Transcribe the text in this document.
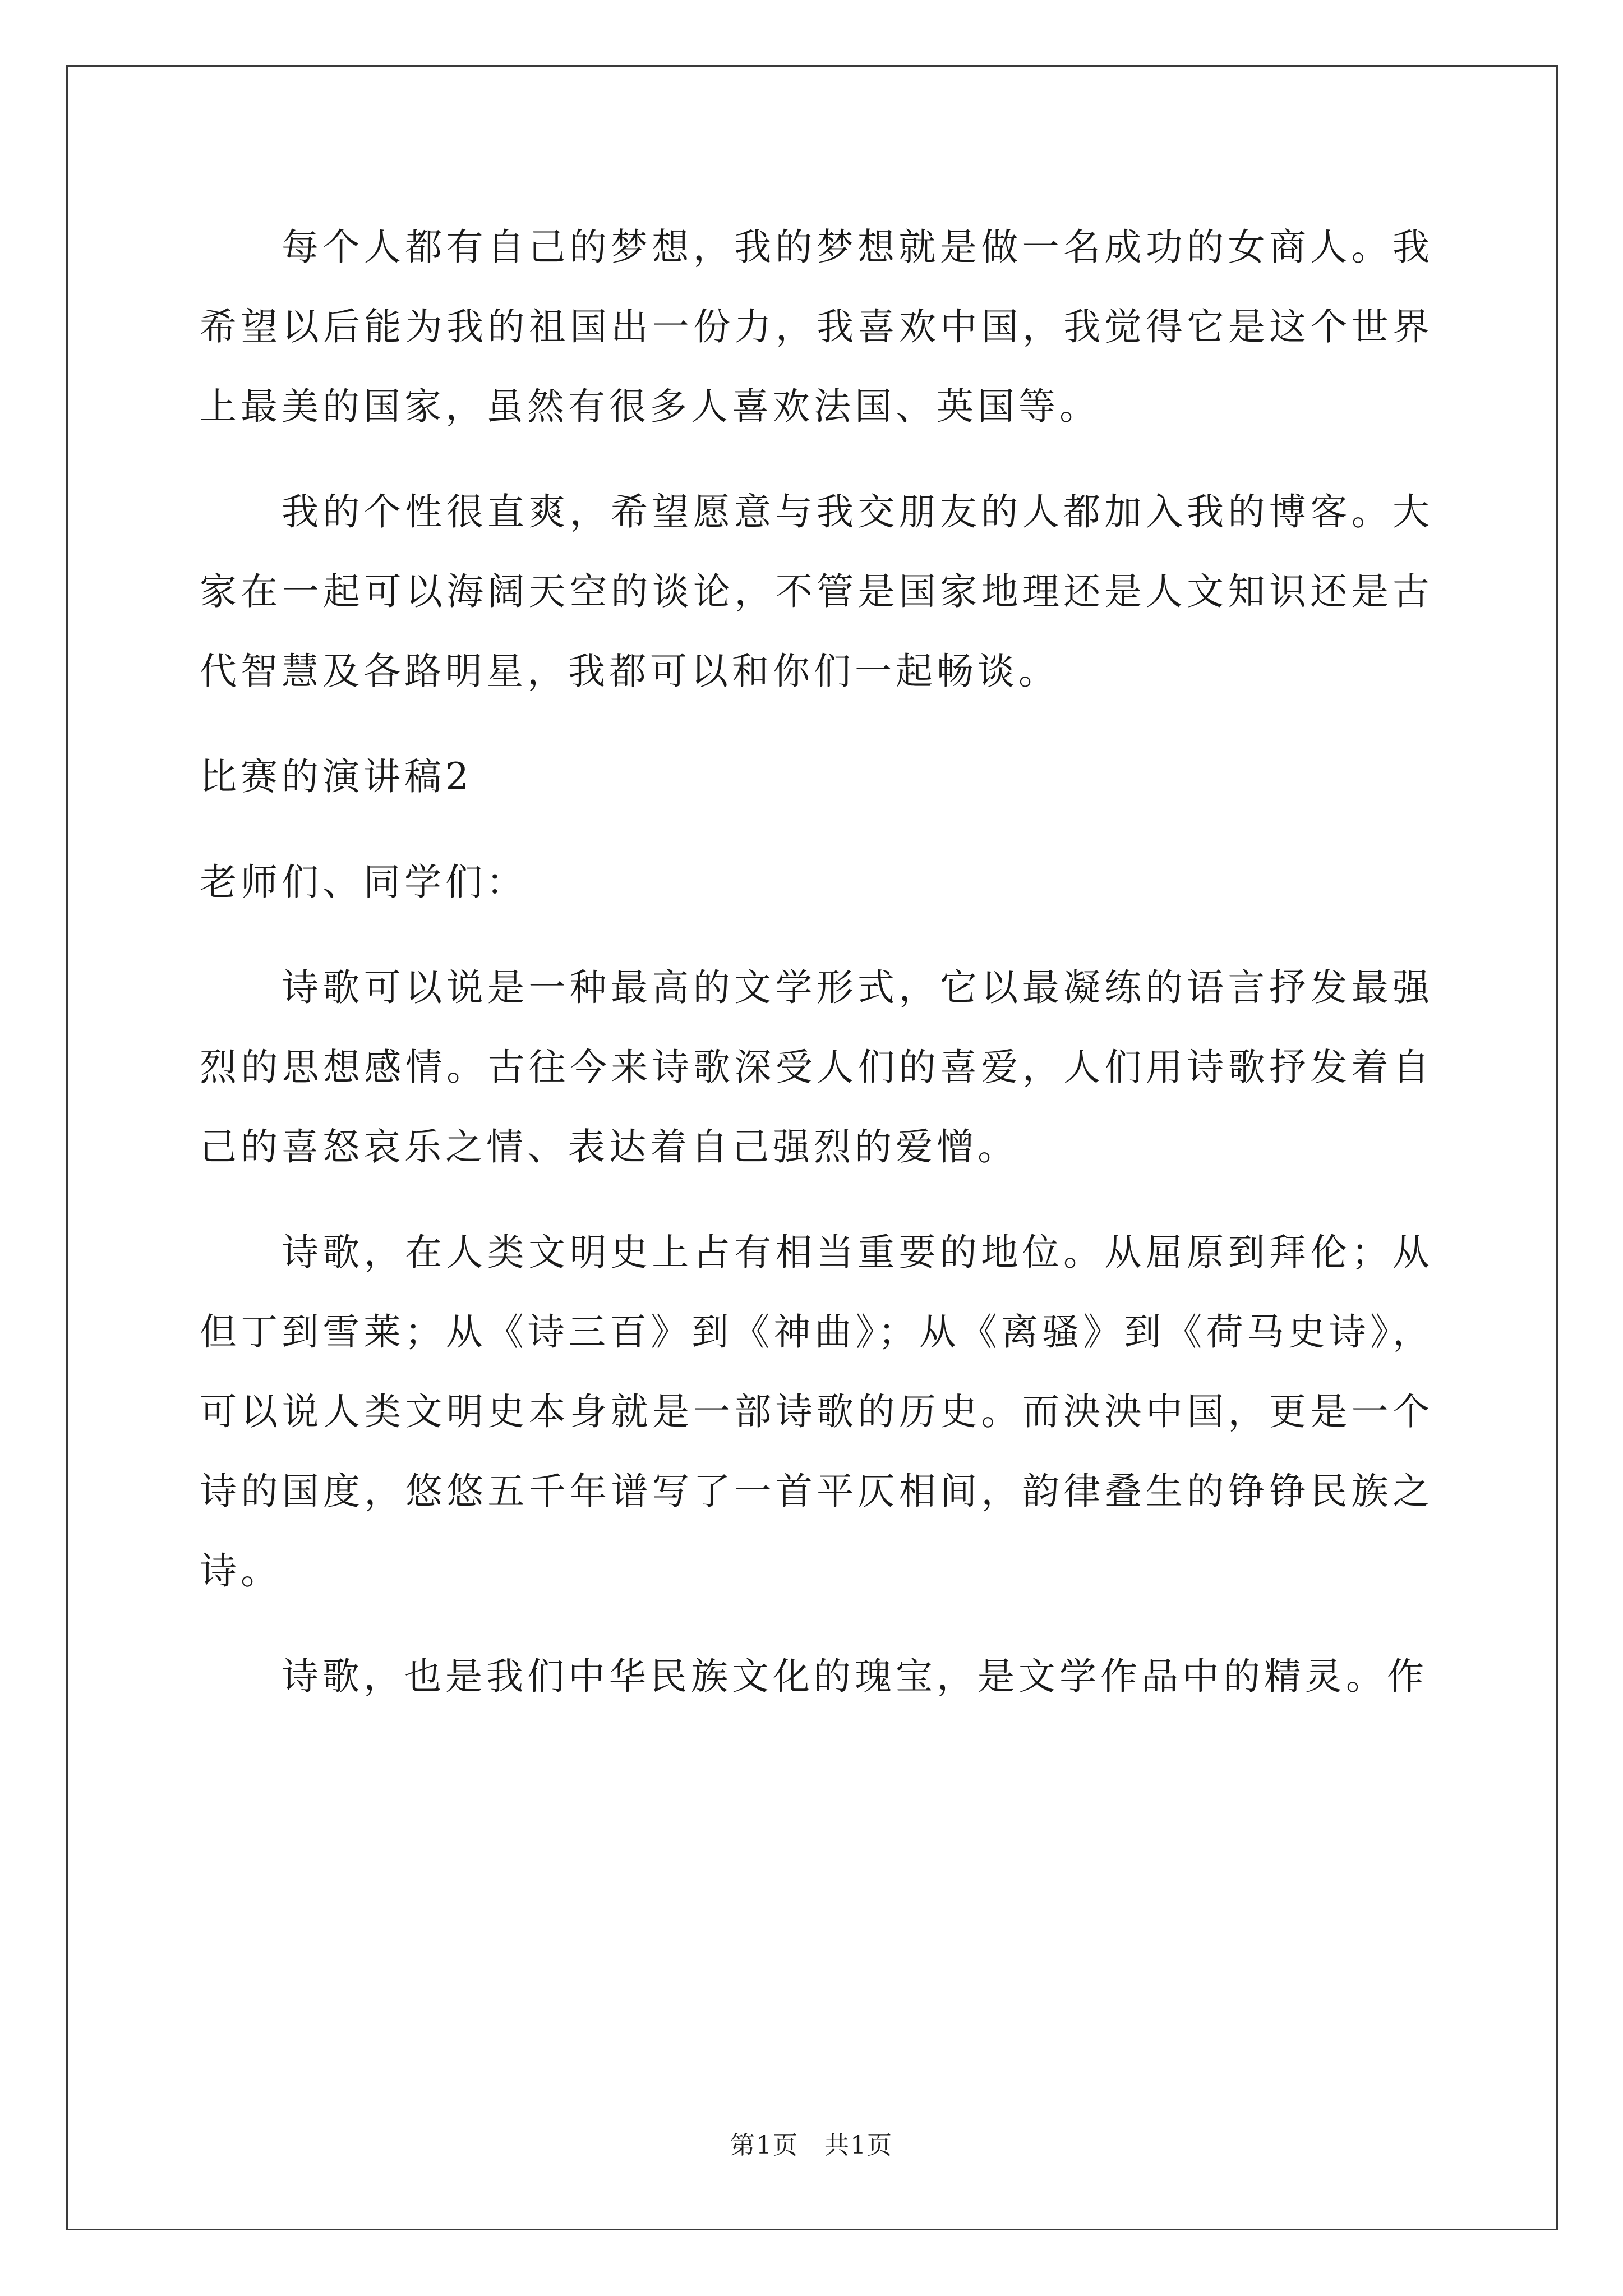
每个人都有自己的梦想，我的梦想就是做一名成功的女商人。我希望以后能为我的祖国出一份力，我喜欢中国，我觉得它是这个世界上最美的国家，虽然有很多人喜欢法国、英国等。

我的个性很直爽，希望愿意与我交朋友的人都加入我的博客。大家在一起可以海阔天空的谈论，不管是国家地理还是人文知识还是古代智慧及各路明星，我都可以和你们一起畅谈。

比赛的演讲稿2

老师们、同学们：

诗歌可以说是一种最高的文学形式，它以最凝练的语言抒发最强烈的思想感情。古往今来诗歌深受人们的喜爱，人们用诗歌抒发着自己的喜怒哀乐之情、表达着自己强烈的爱憎。

诗歌，在人类文明史上占有相当重要的地位。从屈原到拜伦；从但丁到雪莱；从《诗三百》到《神曲》；从《离骚》到《荷马史诗》，可以说人类文明史本身就是一部诗歌的历史。而泱泱中国，更是一个诗的国度，悠悠五千年谱写了一首平仄相间，韵律叠生的铮铮民族之诗。

诗歌，也是我们中华民族文化的瑰宝，是文学作品中的精灵。作

第1页 共1页
